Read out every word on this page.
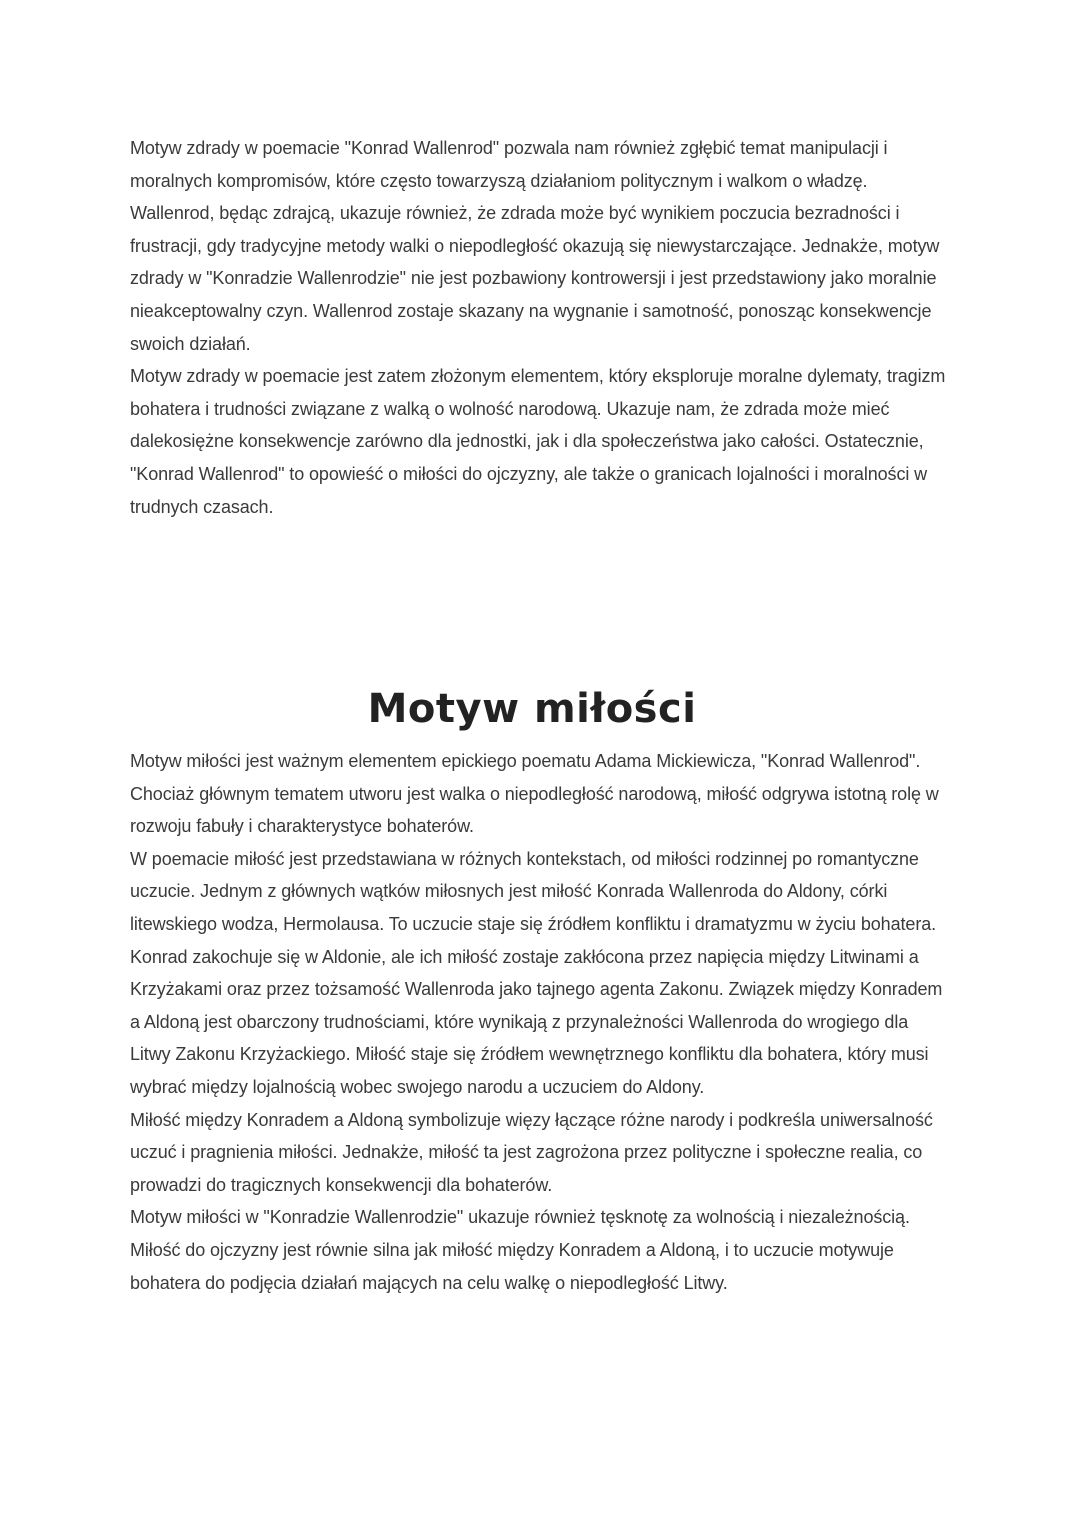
Motyw zdrady w poemacie "Konrad Wallenrod" pozwala nam również zgłębić temat manipulacji i moralnych kompromisów, które często towarzyszą działaniom politycznym i walkom o władzę. Wallenrod, będąc zdrajcą, ukazuje również, że zdrada może być wynikiem poczucia bezradności i frustracji, gdy tradycyjne metody walki o niepodległość okazują się niewystarczające. Jednakże, motyw zdrady w "Konradzie Wallenrodzie" nie jest pozbawiony kontrowersji i jest przedstawiony jako moralnie nieakceptowalny czyn. Wallenrod zostaje skazany na wygnanie i samotność, ponosząc konsekwencje swoich działań.

Motyw zdrady w poemacie jest zatem złożonym elementem, który eksploruje moralne dylematy, tragizm bohatera i trudności związane z walką o wolność narodową. Ukazuje nam, że zdrada może mieć dalekosiężne konsekwencje zarówno dla jednostki, jak i dla społeczeństwa jako całości. Ostatecznie, "Konrad Wallenrod" to opowieść o miłości do ojczyzny, ale także o granicach lojalności i moralności w trudnych czasach.

Motyw miłości

Motyw miłości jest ważnym elementem epickiego poematu Adama Mickiewicza, "Konrad Wallenrod". Chociaż głównym tematem utworu jest walka o niepodległość narodową, miłość odgrywa istotną rolę w rozwoju fabuły i charakterystyce bohaterów.

W poemacie miłość jest przedstawiana w różnych kontekstach, od miłości rodzinnej po romantyczne uczucie. Jednym z głównych wątków miłosnych jest miłość Konrada Wallenroda do Aldony, córki litewskiego wodza, Hermolausa. To uczucie staje się źródłem konfliktu i dramatyzmu w życiu bohatera.

Konrad zakochuje się w Aldonie, ale ich miłość zostaje zakłócona przez napięcia między Litwinami a Krzyżakami oraz przez tożsamość Wallenroda jako tajnego agenta Zakonu. Związek między Konradem a Aldoną jest obarczony trudnościami, które wynikają z przynależności Wallenroda do wrogiego dla Litwy Zakonu Krzyżackiego. Miłość staje się źródłem wewnętrznego konfliktu dla bohatera, który musi wybrać między lojalnością wobec swojego narodu a uczuciem do Aldony.

Miłość między Konradem a Aldoną symbolizuje więzy łączące różne narody i podkreśla uniwersalność uczuć i pragnienia miłości. Jednakże, miłość ta jest zagrożona przez polityczne i społeczne realia, co prowadzi do tragicznych konsekwencji dla bohaterów.

Motyw miłości w "Konradzie Wallenrodzie" ukazuje również tęsknotę za wolnością i niezależnością. Miłość do ojczyzny jest równie silna jak miłość między Konradem a Aldoną, i to uczucie motywuje bohatera do podjęcia działań mających na celu walkę o niepodległość Litwy.
